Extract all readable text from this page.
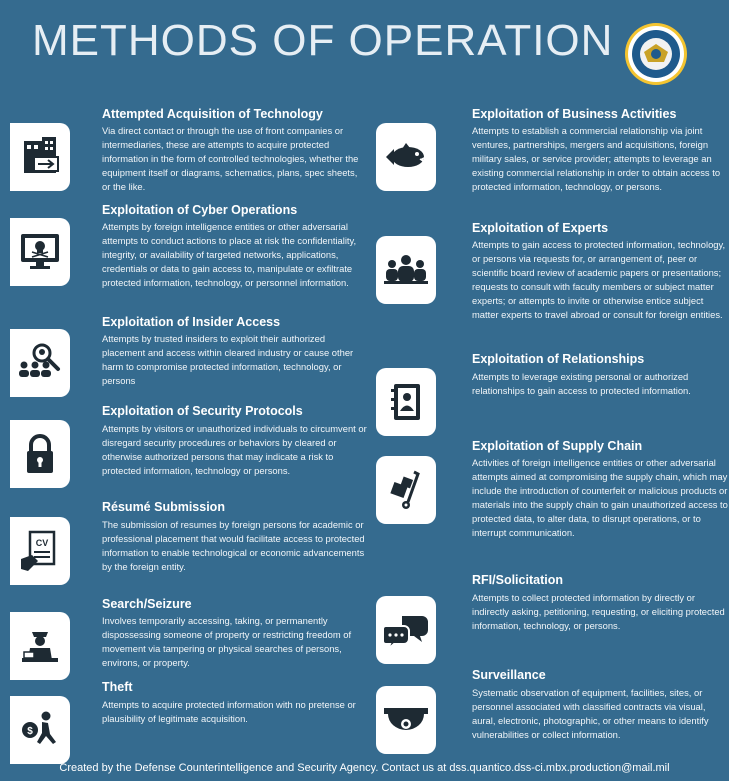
METHODS OF OPERATION
Attempted Acquisition of Technology
Via direct contact or through the use of front companies or intermediaries, these are attempts to acquire protected information in the form of controlled technologies, whether the equipment itself or diagrams, schematics, plans, spec sheets, or the like.
Exploitation of Cyber Operations
Attempts by foreign intelligence entities or other adversarial attempts to conduct actions to place at risk the confidentiality, integrity, or availability of targeted networks, applications, credentials or data to gain access to, manipulate or exfiltrate protected information, technology, or personnel information.
Exploitation of Insider Access
Attempts by trusted insiders to exploit their authorized placement and access within cleared industry or cause other harm to compromise protected information, technology, or persons
Exploitation of Security Protocols
Attempts by visitors or unauthorized individuals to circumvent or disregard security procedures or behaviors by cleared or otherwise authorized persons that may indicate a risk to protected information, technology or persons.
CV
Résumé Submission
The submission of resumes by foreign persons for academic or professional placement that would facilitate access to protected information to enable technological or economic advancements by the foreign entity.
Search/Seizure
Involves temporarily accessing, taking, or permanently dispossessing someone of property or restricting freedom of movement via tampering or physical searches of persons, environs, or property.
$
Theft
Attempts to acquire protected information with no pretense or plausibility of legitimate acquisition.
Exploitation of Business Activities
Attempts to establish a commercial relationship via joint ventures, partnerships, mergers and acquisitions, foreign military sales, or service provider; attempts to leverage an existing commercial relationship in order to obtain access to protected information, technology, or persons.
Exploitation of Experts
Attempts to gain access to protected information, technology, or persons via requests for, or arrangement of, peer or scientific board review of academic papers or presentations; requests to consult with faculty members or subject matter experts; or attempts to invite or otherwise entice subject matter experts to travel abroad or consult for foreign entities.
Exploitation of Relationships
Attempts to leverage existing personal or authorized relationships to gain access to protected information.
Exploitation of Supply Chain
Activities of foreign intelligence entities or other adversarial attempts aimed at compromising the supply chain, which may include the introduction of counterfeit or malicious products or materials into the supply chain to gain unauthorized access to protected data, to alter data, to disrupt operations, or to interrupt communication.
RFI/Solicitation
Attempts to collect protected information by directly or indirectly asking, petitioning, requesting, or eliciting protected information, technology, or persons.
Surveillance
Systematic observation of equipment, facilities, sites, or personnel associated with classified contracts via visual, aural, electronic, photographic, or other means to identify vulnerabilities or collect information.
Created by the Defense Counterintelligence and Security Agency. Contact us at dss.quantico.dss-ci.mbx.production@mail.mil
